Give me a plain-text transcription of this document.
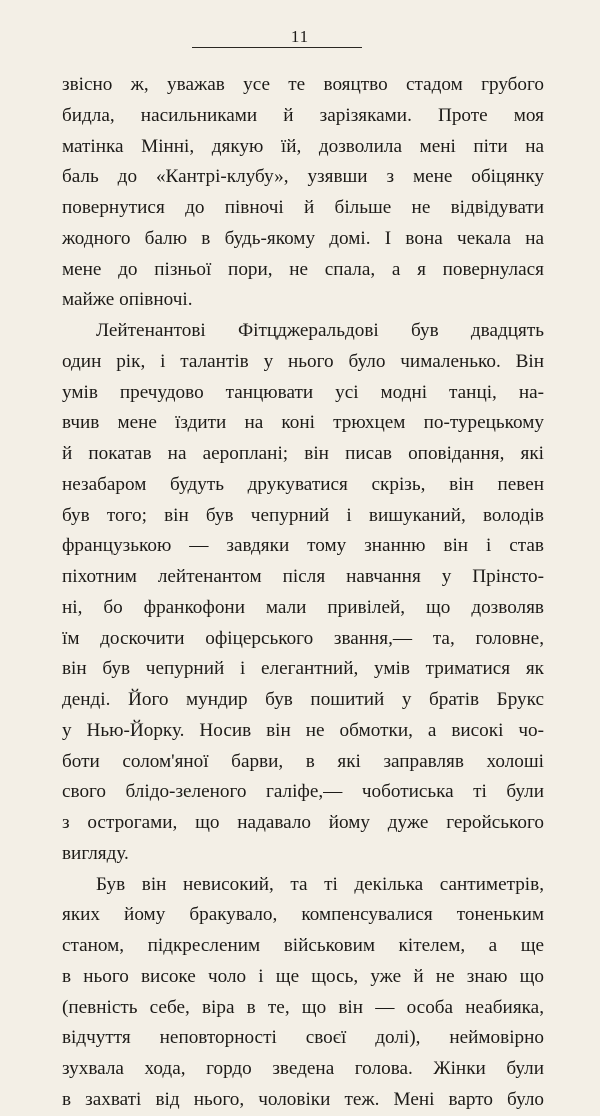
11
звісно ж, уважав усе те вояцтво стадом грубого
бидла, насильниками й зарізяками. Проте моя
матінка Мінні, дякую їй, дозволила мені піти на
баль до «Кантрі-клубу», узявши з мене обіцянку
повернутися до півночі й більше не відвідувати
жодного балю в будь-якому домі. І вона чекала на
мене до пізньої пори, не спала, а я повернулася
майже опівночі.
Лейтенантові Фітцджеральдові був двадцять
один рік, і талантів у нього було чималенько. Він
умів пречудово танцювати усі модні танці, на-
вчив мене їздити на коні трюхцем по-турецькому
й покатав на аероплані; він писав оповідання, які
незабаром будуть друкуватися скрізь, він певен
був того; він був чепурний і вишуканий, володів
французькою — завдяки тому знанню він і став
піхотним лейтенантом після навчання у Прінсто-
ні, бо франкофони мали привілей, що дозволяв
їм доскочити офіцерського звання,— та, головне,
він був чепурний і елегантний, умів триматися як
денді. Його мундир був пошитий у братів Брукс
у Нью-Йорку. Носив він не обмотки, а високі чо-
боти солом'яної барви, в які заправляв холоші
свого блідо-зеленого галіфе,— чоботиська ті були
з острогами, що надавало йому дуже геройського
вигляду.
Був він невисокий, та ті декілька сантиметрів,
яких йому бракувало, компенсувалися тоненьким
станом, підкресленим військовим кітелем, а ще
в нього високе чоло і ще щось, уже й не знаю що
(певність себе, віра в те, що він — особа неабияка,
відчуття неповторності своєї долі), неймовірно
зухвала хода, гордо зведена голова. Жінки були
в захваті від нього, чоловіки теж. Мені варто було
